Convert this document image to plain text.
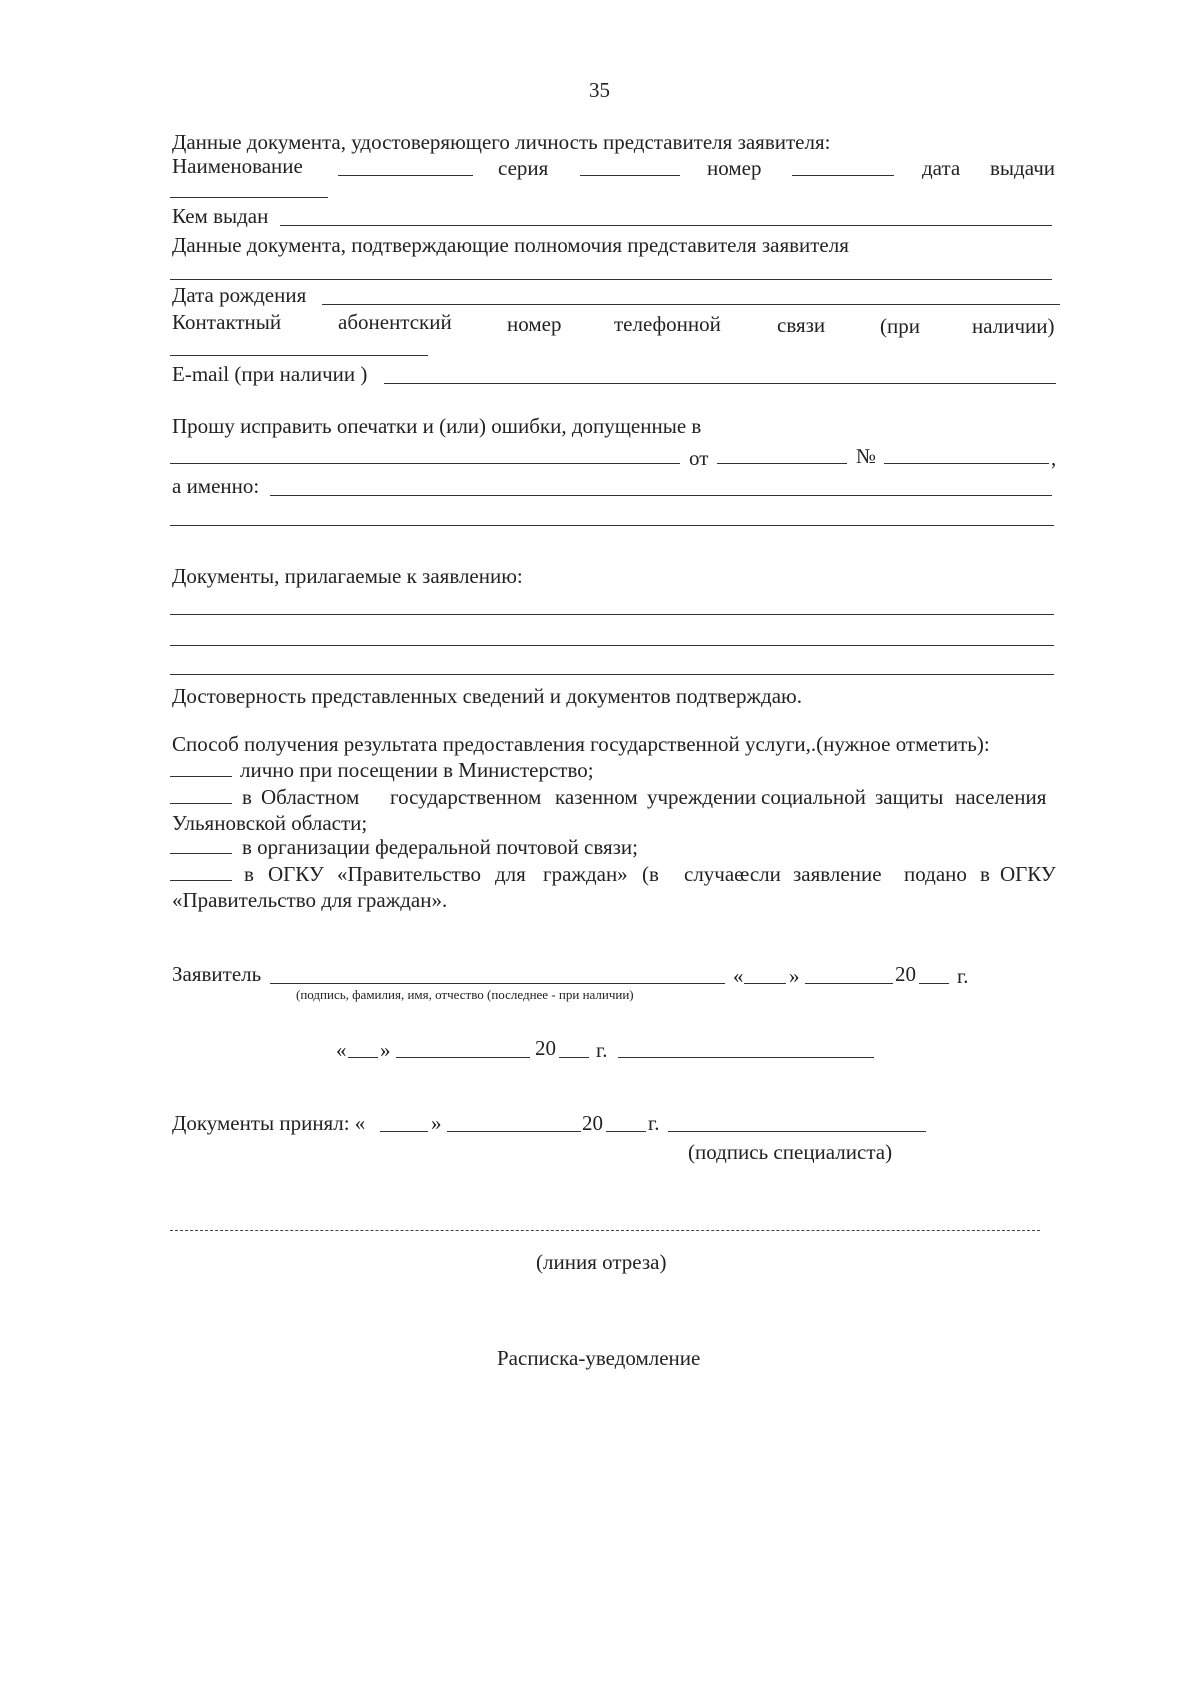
35
Данные документа, удостоверяющего личность представителя заявителя:
Наименование	серия	номер	дата выдачи
Кем выдан
Данные документа, подтверждающие полномочия представителя заявителя
Дата рождения
Контактный	абонентский	номер	телефонной	связи	(при наличии)
E-mail (при наличии )
Прошу исправить опечатки и (или) ошибки, допущенные в
от	№	,
а именно:
Документы, прилагаемые к заявлению:
Достоверность представленных сведений и документов подтверждаю.
Способ получения результата предоставления государственной услуги,.(нужное отметить):
лично при посещении в Министерство;
в Областном государственном казенном учреждении социальной защиты населения
Ульяновской области;
в организации федеральной почтовой связи;
в ОГКУ «Правительство для граждан» (в случае
если заявление подано в ОГКУ
«Правительство для граждан».
Заявитель	« »	20 г.
(подпись, фамилия, имя, отчество (последнее - при наличии)
« »	20 г.
Документы принял: «	»	20 г.
(подпись специалиста)
(линия отреза)
Расписка-уведомление
